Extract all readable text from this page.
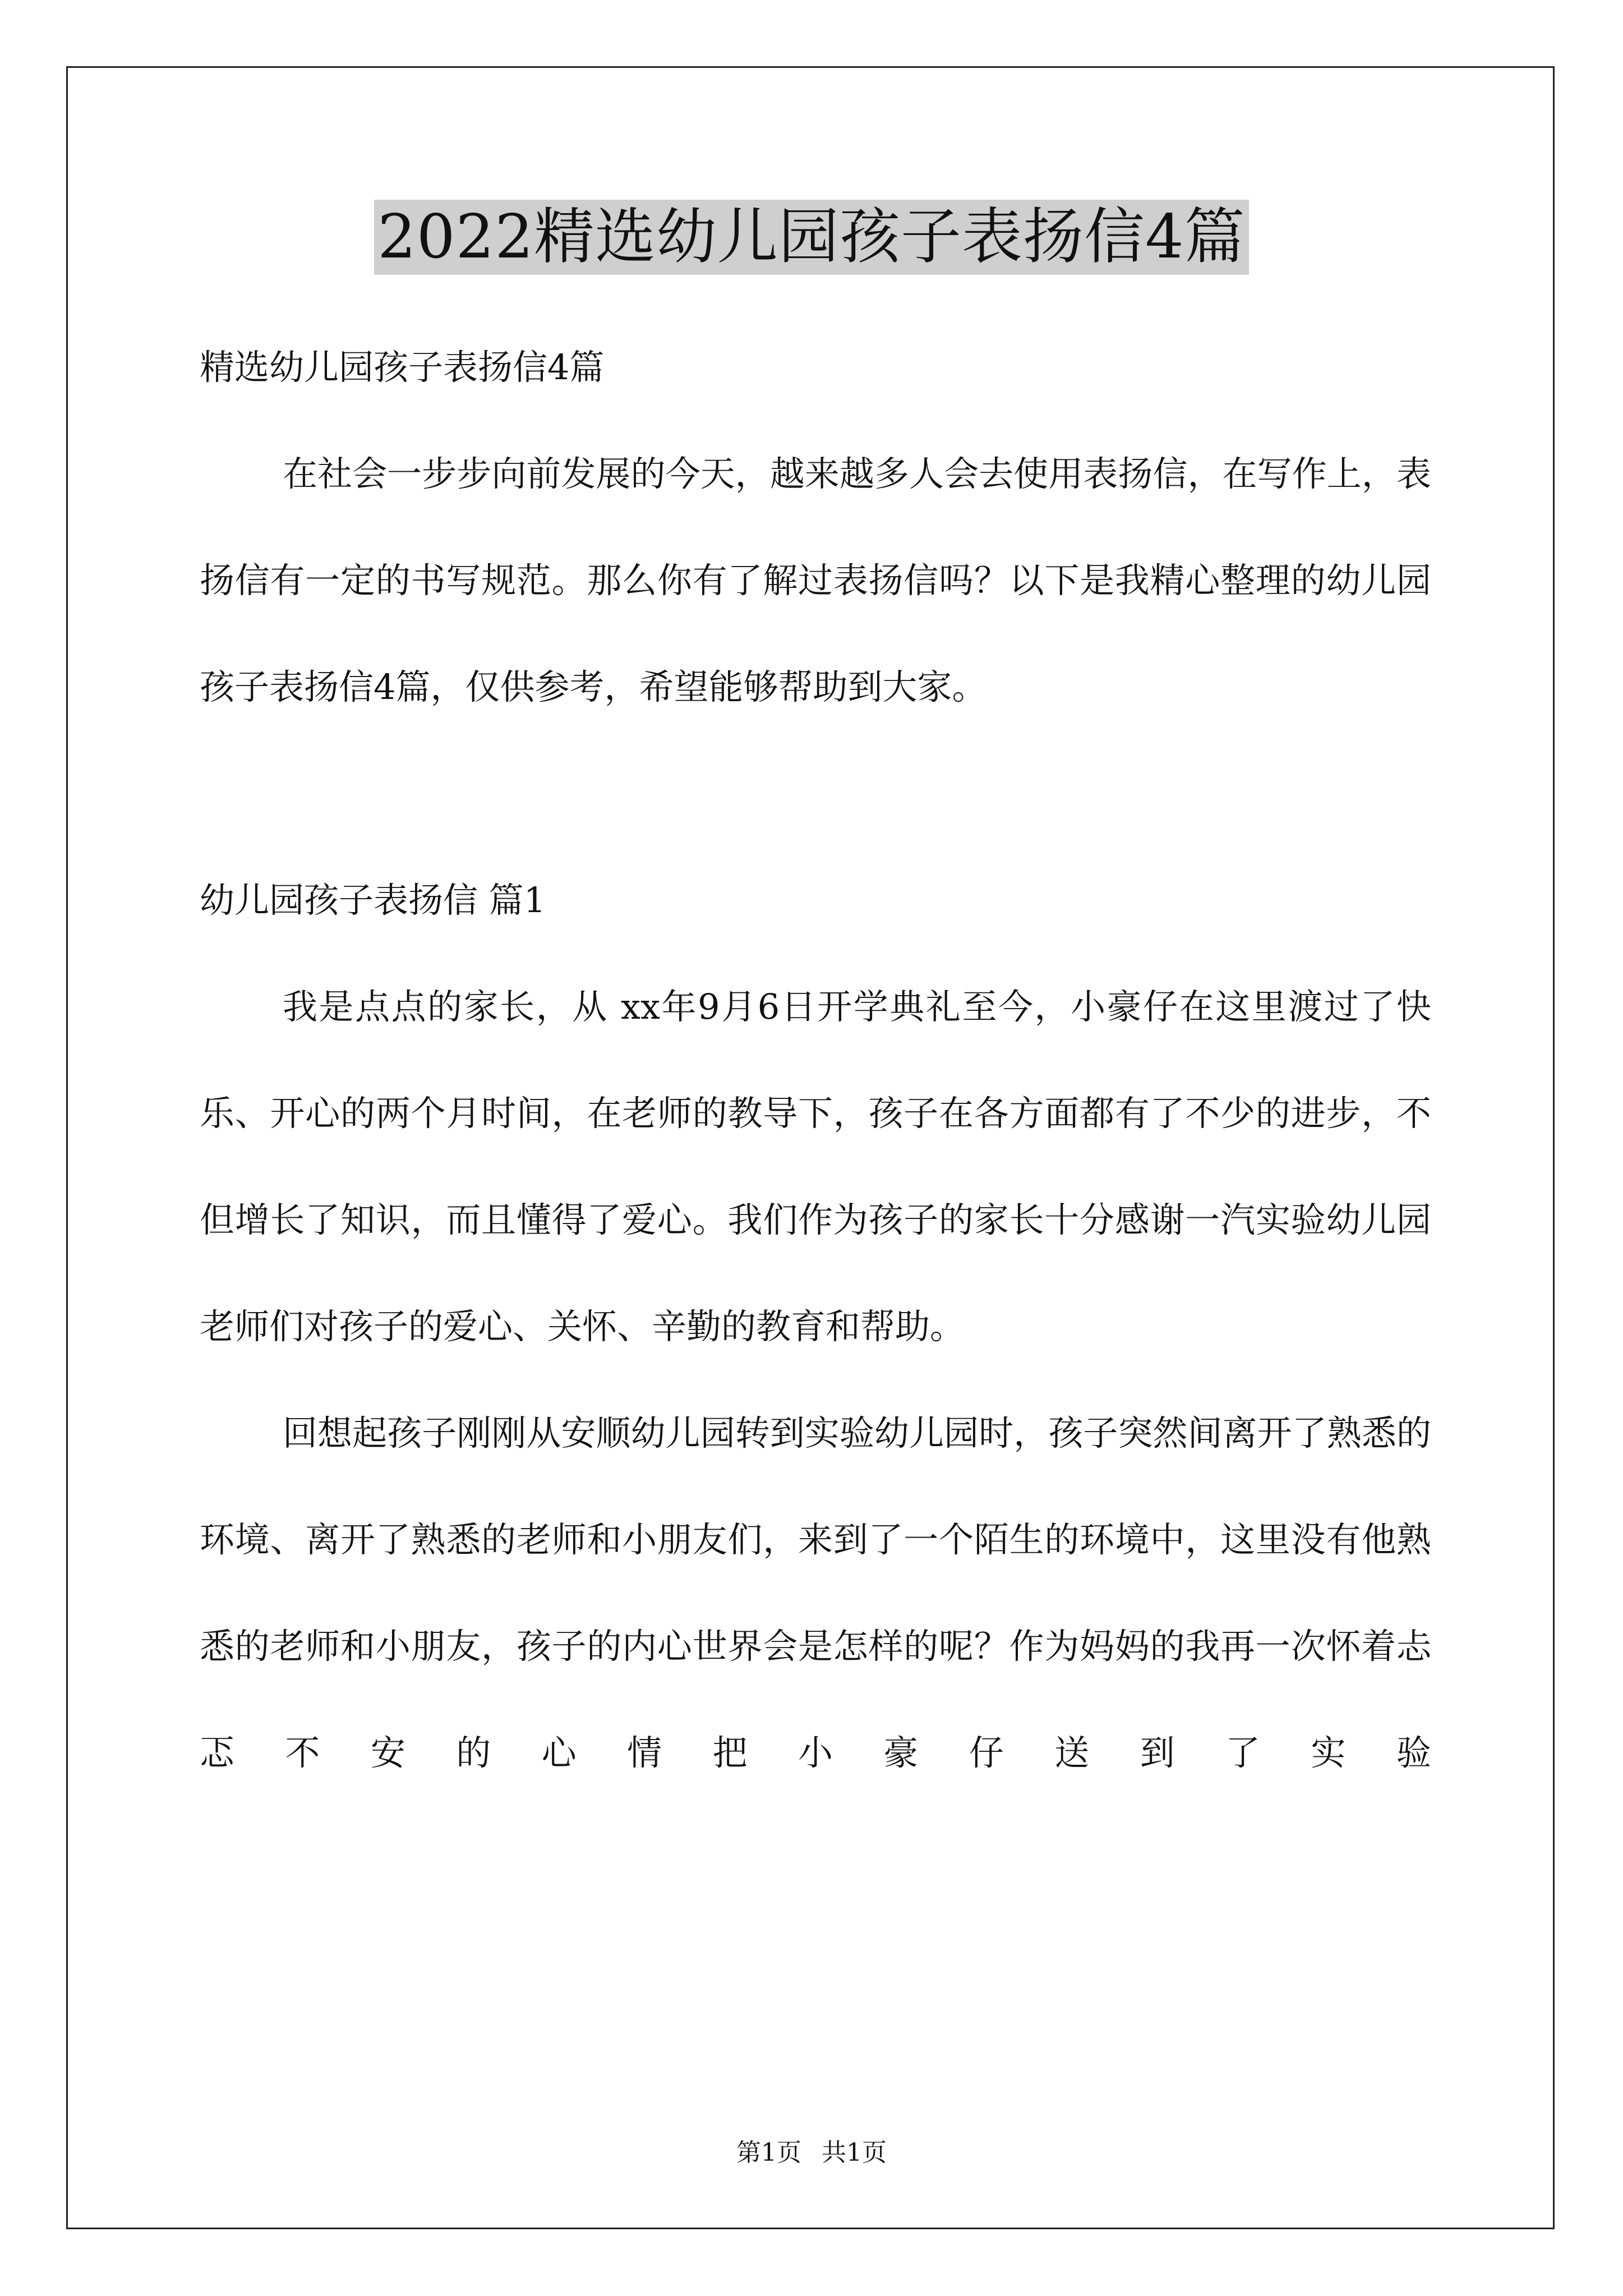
2022精选幼儿园孩子表扬信4篇

精选幼儿园孩子表扬信4篇

在社会一步步向前发展的今天，越来越多人会去使用表扬信，在写作上，表扬信有一定的书写规范。那么你有了解过表扬信吗？以下是我精心整理的幼儿园孩子表扬信4篇，仅供参考，希望能够帮助到大家。

幼儿园孩子表扬信 篇1

我是点点的家长，从 xx年9月6日开学典礼至今，小豪仔在这里渡过了快乐、开心的两个月时间，在老师的教导下，孩子在各方面都有了不少的进步，不但增长了知识，而且懂得了爱心。我们作为孩子的家长十分感谢一汽实验幼儿园老师们对孩子的爱心、关怀、辛勤的教育和帮助。

回想起孩子刚刚从安顺幼儿园转到实验幼儿园时，孩子突然间离开了熟悉的环境、离开了熟悉的老师和小朋友们，来到了一个陌生的环境中，这里没有他熟悉的老师和小朋友，孩子的内心世界会是怎样的呢？作为妈妈的我再一次怀着忐忑不安的心情把小豪仔送到了实验

第1页 共1页
